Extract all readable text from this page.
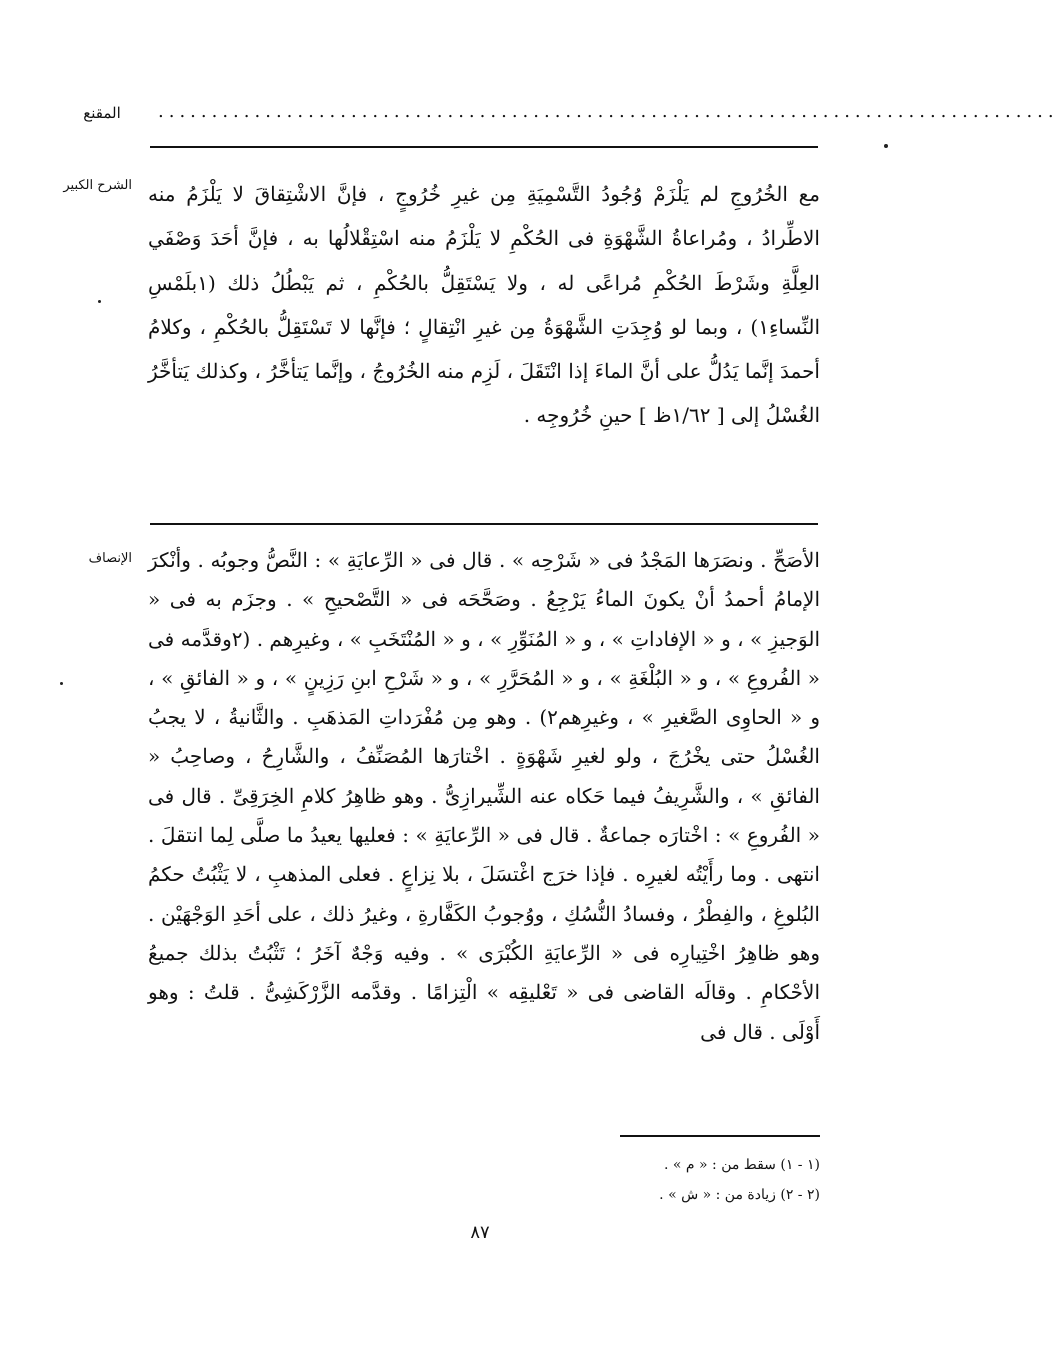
المقنع	....................................................................................
الشرح الكبير مع الخُرُوجِ لم يَلْزَمْ وُجُودُ التَّسْمِيَةِ مِن غيرِ خُرُوجٍ ، فإنَّ الاشْتِقاقَ لا يَلْزَمُ منه الاطِّرادُ ، ومُراعاةُ الشَّهْوَةِ فى الحُكْمِ لا يَلْزَمُ منه اسْتِقْلالُها به ، فإنَّ أحَدَ وَصْفَي العِلَّةِ وشَرْطَ الحُكْمِ مُراعًى له ، ولا يَسْتَقِلُّ بالحُكْمِ ، ثم يَبْطُلُ ذلك (١بلَمْسِ النِّساءِ١) ، وبما لو وُجِدَتِ الشَّهْوَةُ مِن غيرِ انْتِقالٍ ؛ فإنَّها لا تَسْتَقِلُّ بالحُكْمِ ، وكلامُ أحمدَ إنَّما يَدُلُّ على أنَّ الماءَ إذا انْتَقَلَ ، لَزِم منه الخُرُوجُ ، وإنَّما يَتأخَّرُ ، وكذلك يَتأخَّرُ الغُسْلُ إلى [ ١/٦٢ظ ] حينِ خُرُوجِه .
الإنصاف الأصَحِّ . ونصَرَها المَجْدُ فى « شَرْحِه » . قال فى « الرِّعايَةِ » : النَّصُّ وجوبُه . وأنْكرَ الإمامُ أحمدُ أنْ يكونَ الماءُ يَرْجِعُ . وصَحَّحَه فى « التَّصْحيحِ » . وجزَم به فى « الوَجيزِ » ، و « الإفاداتِ » ، و « المُنَوِّرِ » ، و « المُنْتَخَبِ » ، وغيرِهم . (٢وقدَّمه فى « الفُروعِ » ، و « البُلْغَةِ » ، و « المُحَرَّرِ » ، و « شَرْحِ ابنِ رَزِينٍ » ، و « الفائقِ » ، و « الحاوِى الصَّغيرِ » ، وغيرِهم٢) . وهو مِن مُفْرَداتِ المَذهَبِ . والثَّانيةُ ، لا يجبُ الغُسْلُ حتى يخْرُجَ ، ولو لغيرِ شَهْوَةٍ . اخْتارَها المُصَنِّفُ ، والشَّارِحُ ، وصاحِبُ « الفائقِ » ، والشَّرِيفُ فيما حَكاه عنه الشِّيرازِىُّ . وهو ظاهِرُ كلامِ الخِرَقِىِّ . قال فى « الفُروعِ » : اخْتارَه جماعةٌ . قال فى « الرِّعايَةِ » : فعليها يعيدُ ما صلَّى لِما انتقلَ . انتهى . وما رأَيْتُه لغيرِه . فإذا خرَج اغْتسَلَ ، بلا نِزاعٍ . فعلى المذهبِ ، لا يَثْبُتُ حكمُ البُلوغِ ، والفِطْرُ ، وفسادُ النُّسُكِ ، ووُجوبُ الكَفَّارةِ ، وغيرُ ذلك ، على أحَدِ الوَجْهَيْن . وهو ظاهِرُ اخْتِيارِه فى « الرِّعايَةِ الكُبْرَى » . وفيه وَجْهٌ آخَرُ ؛ تَثْبُتُ بذلك جميعُ الأحْكامِ . وقالَه القاضى فى « تَعْليقِه » الْتِزامًا . وقدَّمه الزَّرْكَشِىُّ . قلتُ : وهو أَوْلَى . قال فى
(١ - ١) سقط من : « م » .
(٢ - ٢) زيادة من : « ش » .
٨٧
